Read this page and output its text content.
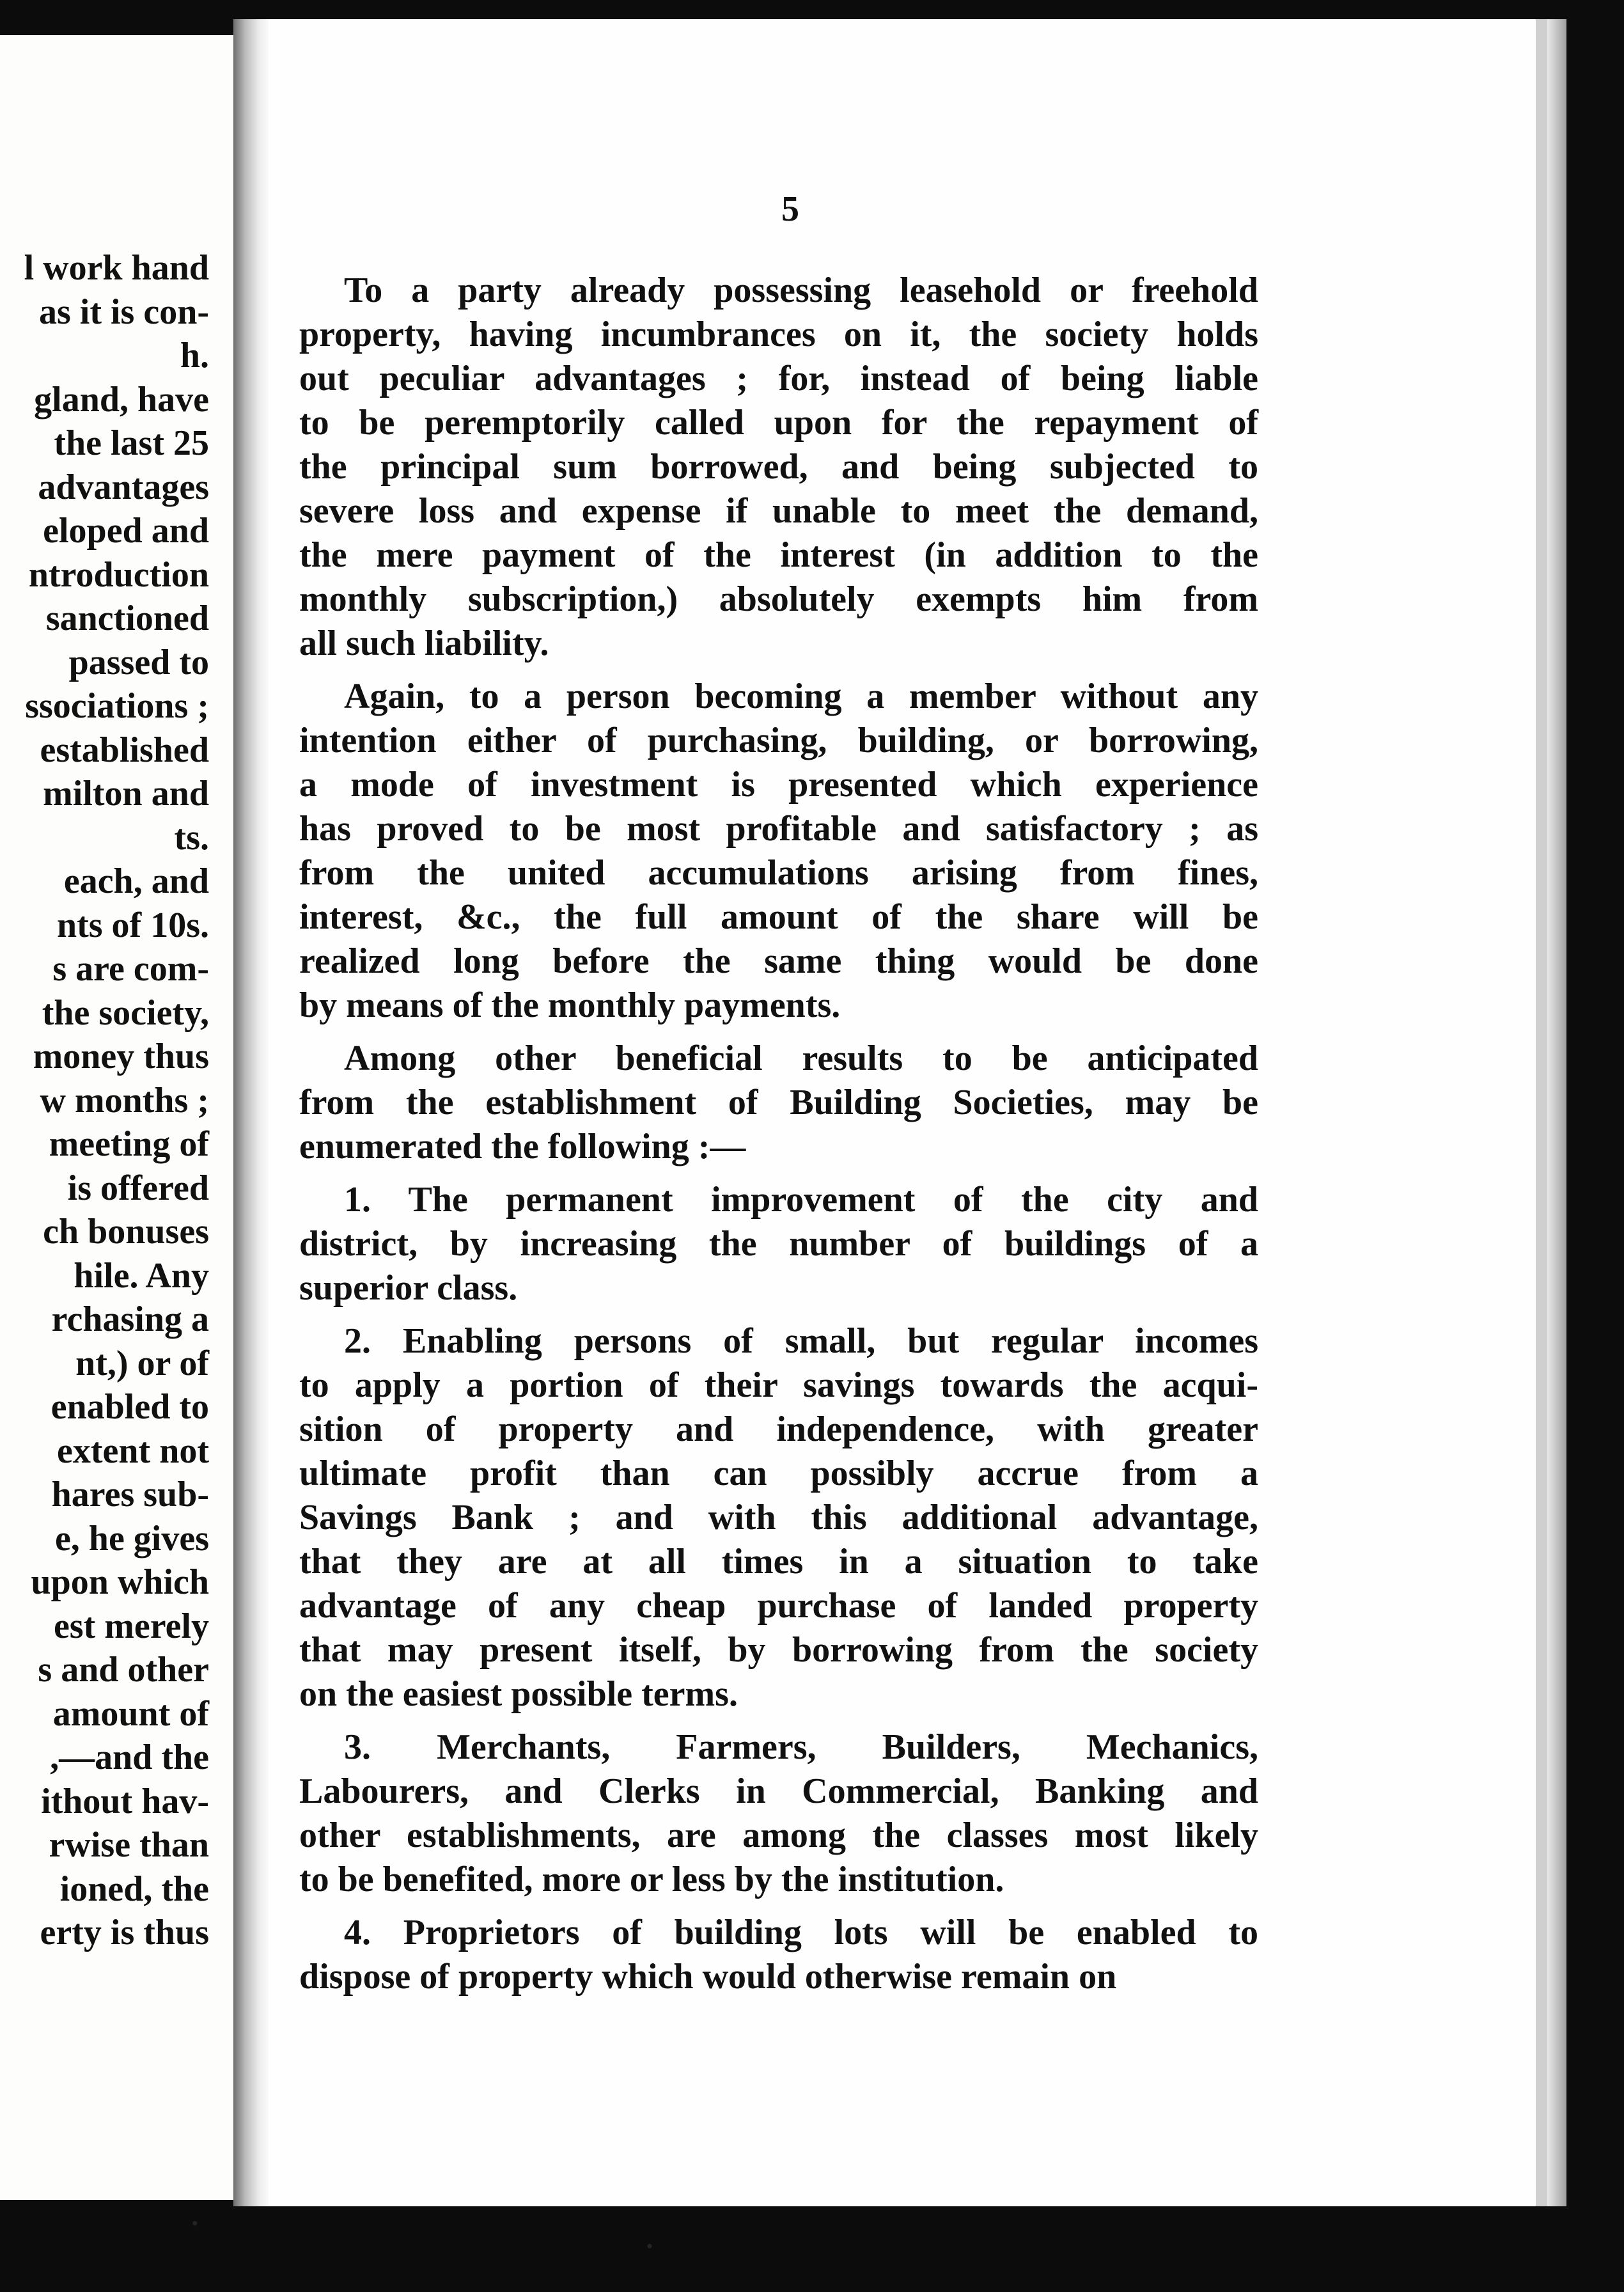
l work hand
as it is con-
h.
gland, have
the last 25
advantages
eloped and
ntroduction
sanctioned
passed to
ssociations ;
established
milton and
ts.
each, and
nts of 10s.
s are com-
the society,
money thus
w months ;
meeting of
is offered
ch bonuses
hile. Any
rchasing a
nt,) or of
enabled to
extent not
hares sub-
e, he gives
upon which
est merely
s and other
amount of
,—and the
ithout hav-
rwise than
ioned, the
erty is thus
5
To a party already possessing leasehold or freehold
property, having incumbrances on it, the society holds
out peculiar advantages ; for, instead of being liable
to be peremptorily called upon for the repayment of
the principal sum borrowed, and being subjected to
severe loss and expense if unable to meet the demand,
the mere payment of the interest (in addition to the
monthly subscription,) absolutely exempts him from
all such liability.
Again, to a person becoming a member without any
intention either of purchasing, building, or borrowing,
a mode of investment is presented which experience
has proved to be most profitable and satisfactory ; as
from the united accumulations arising from fines,
interest, &c., the full amount of the share will be
realized long before the same thing would be done
by means of the monthly payments.
Among other beneficial results to be anticipated
from the establishment of Building Societies, may be
enumerated the following :—
1. The permanent improvement of the city and
district, by increasing the number of buildings of a
superior class.
2. Enabling persons of small, but regular incomes
to apply a portion of their savings towards the acqui-
sition of property and independence, with greater
ultimate profit than can possibly accrue from a
Savings Bank ; and with this additional advantage,
that they are at all times in a situation to take
advantage of any cheap purchase of landed property
that may present itself, by borrowing from the society
on the easiest possible terms.
3. Merchants, Farmers, Builders, Mechanics,
Labourers, and Clerks in Commercial, Banking and
other establishments, are among the classes most likely
to be benefited, more or less by the institution.
4. Proprietors of building lots will be enabled to
dispose of property which would otherwise remain on
